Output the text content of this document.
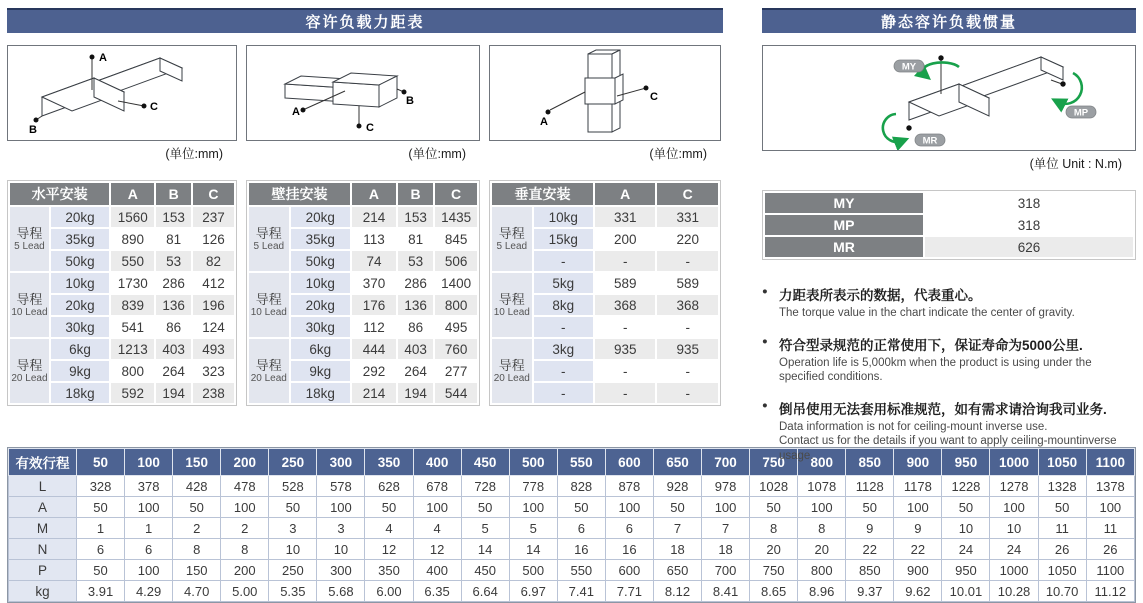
容许负载力距表
A
B
C
(单位:mm)
A
B
C
(单位:mm)
A
C
(单位:mm)
水平安装		A	B	C

导程
5 Lead	20kg	1560	153	237
	35kg	890	81	126
	50kg	550	53	82

导程
10 Lead	10kg	1730	286	412
	20kg	839	136	196
	30kg	541	86	124

导程
20 Lead	6kg	1213	403	493
	9kg	800	264	323
	18kg	592	194	238
壁挂安装		A	B	C

导程
5 Lead	20kg	214	153	1435
	35kg	113	81	845
	50kg	74	53	506

导程
10 Lead	10kg	370	286	1400
	20kg	176	136	800
	30kg	112	86	495

导程
20 Lead	6kg	444	403	760
	9kg	292	264	277
	18kg	214	194	544
垂直安装		A	C

导程
5 Lead	10kg	331	331
	15kg	200	220
	-	-	-

导程
10 Lead	5kg	589	589
	8kg	368	368
	-	-	-

导程
20 Lead	3kg	935	935
	-	-	-
	-	-	-
静态容许负载惯量
MY
MP
MR
(单位 Unit : N.m)
MY	318
MP	318
MR	626
● 力距表所表示的数据，代表重心。
The torque value in the chart indicate the center of gravity.
● 符合型录规范的正常使用下，保证寿命为5000公里.
Operation life is 5,000km when the product is using under the
specified conditions.
● 倒吊使用无法套用标准规范，如有需求请洽询我司业务.
Data information is not for ceiling-mount inverse use.
Contact us for the details if you want to apply ceiling-mountinverse
usage.
有效行程	50	100	150	200	250	300	350	400	450	500	550	600	650	700	750	800	850	900	950	1000	1050	1100
L	328	378	428	478	528	578	628	678	728	778	828	878	928	978	1028	1078	1128	1178	1228	1278	1328	1378
A	50	100	50	100	50	100	50	100	50	100	50	100	50	100	50	100	50	100	50	100	50	100
M	1	1	2	2	3	3	4	4	5	5	6	6	7	7	8	8	9	9	10	10	11	11
N	6	6	8	8	10	10	12	12	14	14	16	16	18	18	20	20	22	22	24	24	26	26
P	50	100	150	200	250	300	350	400	450	500	550	600	650	700	750	800	850	900	950	1000	1050	1100
kg	3.91	4.29	4.70	5.00	5.35	5.68	6.00	6.35	6.64	6.97	7.41	7.71	8.12	8.41	8.65	8.96	9.37	9.62	10.01	10.28	10.70	11.12
